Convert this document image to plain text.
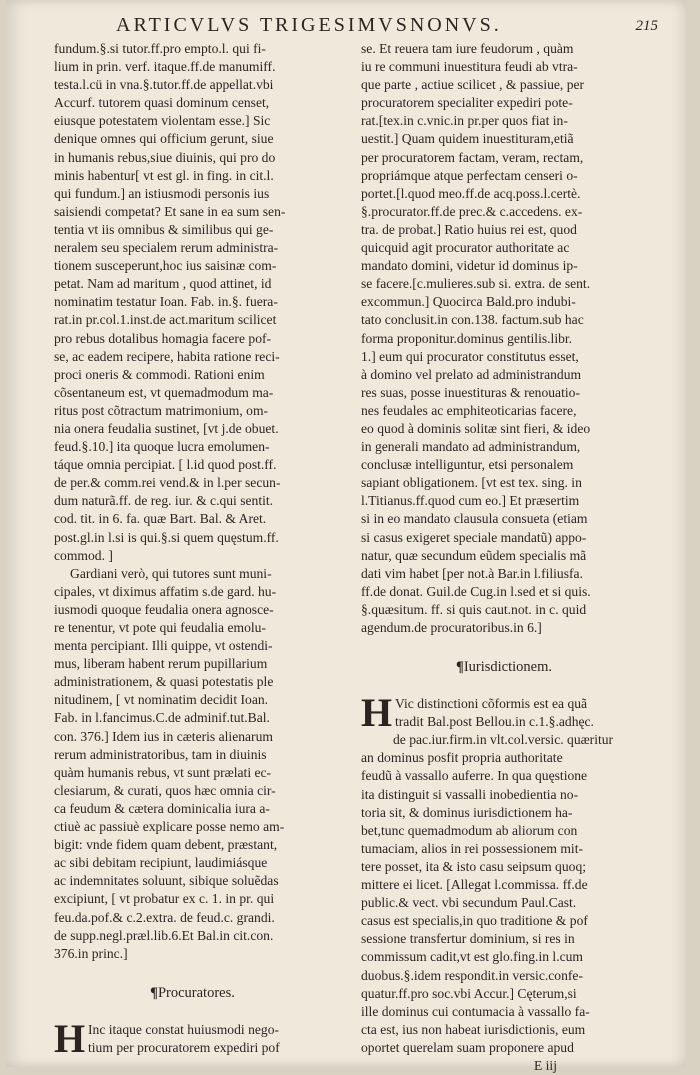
ARTICVLVS TRIGESIMVSNONVS.	215
fundum.§.si tutor.ff.pro empto.l. qui fi-
lium in prin. verf. itaque.ff.de manumiff.
testa.l.cü in vna.§.tutor.ff.de appellat.vbi
Accurf. tutorem quasi dominum censet,
eiusque potestatem violentam esse.] Sic
denique omnes qui officium gerunt, siue
in humanis rebus,siue diuinis, qui pro do
minis habentur[ vt est gl. in fing. in cit.l.
qui fundum.] an istiusmodi personis ius
saisiendi competat? Et sane in ea sum sen-
tentia vt iis omnibus & similibus qui ge-
neralem seu specialem rerum administra-
tionem susceperunt,hoc ius saisinæ com-
petat. Nam ad maritum , quod attinet, id
nominatim testatur Ioan. Fab. in.§. fuera-
rat.in pr.col.1.inst.de act.maritum scilicet
pro rebus dotalibus homagia facere pof-
se, ac eadem recipere, habita ratione reci-
proci oneris & commodi. Rationi enim
cõsentaneum est, vt quemadmodum ma-
ritus post cõtractum matrimonium, om-
nia onera feudalia sustinet, [vt j.de obuet.
feud.§.10.] ita quoque lucra emolumen-
táque omnia percipiat. [ l.id quod post.ff.
de per.& comm.rei vend.& in l.per secun-
dum naturã.ff. de reg. iur. & c.qui sentit.
cod. tit. in 6. fa. quæ Bart. Bal. & Aret.
post.gl.in l.si is qui.§.si quem quęstum.ff.
commod. ]
Gardiani verò, qui tutores sunt muni-
cipales, vt diximus affatim s.de gard. hu-
iusmodi quoque feudalia onera agnosce-
re tenentur, vt pote qui feudalia emolu-
menta percipiant. Illi quippe, vt ostendi-
mus, liberam habent rerum pupillarium
administrationem, & quasi potestatis ple
nitudinem, [ vt nominatim decidit Ioan.
Fab. in l.fancimus.C.de adminif.tut.Bal.
con. 376.] Idem ius in cæteris alienarum
rerum administratoribus, tam in diuinis
quàm humanis rebus, vt sunt prælati ec-
clesiarum, & curati, quos hæc omnia cir-
ca feudum & cætera dominicalia iura a-
ctiuè ac passiuè explicare posse nemo am-
bigit: vnde fidem quam debent, præstant,
ac sibi debitam recipiunt, laudimiásque
ac indemnitates soluunt, sibique soluẽdas
excipiunt, [ vt probatur ex c. 1. in pr. qui
feu.da.pof.& c.2.extra. de feud.c. grandi.
de supp.negl.præl.lib.6.Et Bal.in cit.con.
376.in princ.]
¶Procuratores.
H Inc itaque constat huiusmodi nego-
tium per procuratorem expediri pof
se. Et reuera tam iure feudorum , quàm
iu re communi inuestitura feudi ab vtra-
que parte , actiue scilicet , & passiue, per
procuratorem specialiter expediri pote-
rat.[tex.in c.vnic.in pr.per quos fiat in-
uestit.] Quam quidem inuestituram,etiã
per procuratorem factam, veram, rectam,
propriámque atque perfectam censeri o-
portet.[l.quod meo.ff.de acq.poss.l.certè.
§.procurator.ff.de prec.& c.accedens. ex-
tra. de probat.] Ratio huius rei est, quod
quicquid agit procurator authoritate ac
mandato domini, videtur id dominus ip-
se facere.[c.mulieres.sub si. extra. de sent.
excommun.] Quocirca Bald.pro indubi-
tato conclusit.in con.138. factum.sub hac
forma proponitur.dominus gentilis.libr.
1.] eum qui procurator constitutus esset,
à domino vel prelato ad administrandum
res suas, posse inuestituras & renouatio-
nes feudales ac emphiteoticarias facere,
eo quod à dominis solitæ sint fieri, & ideo
in generali mandato ad administrandum,
conclusæ intelliguntur, etsi personalem
sapiant obligationem. [vt est tex. sing. in
l.Titianus.ff.quod cum eo.] Et præsertim
si in eo mandato clausula consueta (etiam
si casus exigeret speciale mandatũ) appo-
natur, quæ secundum eũdem specialis mã
dati vim habet [per not.à Bar.in l.filiusfa.
ff.de donat. Guil.de Cug.in l.sed et si quis.
§.quæsitum. ff. si quis caut.not. in c. quid
agendum.de procuratoribus.in 6.]
¶Iurisdictionem.
H Vic distinctioni cõformis est ea quã
tradit Bal.post Bellou.in c.1.§.adhęc.
de pac.iur.firm.in vlt.col.versic. quæritur
an dominus posfit propria authoritate
feudũ à vassallo auferre. In qua quęstione
ita distinguit si vassalli inobedientia no-
toria sit, & dominus iurisdictionem ha-
bet,tunc quemadmodum ab aliorum con
tumaciam, alios in rei possessionem mit-
tere posset, ita & isto casu seipsum quoq;
mittere ei licet. [Allegat l.commissa. ff.de
public.& vect. vbi secundum Paul.Cast.
casus est specialis,in quo traditione & pof
sessione transfertur dominium, si res in
commissum cadit,vt est glo.fing.in l.cum
duobus.§.idem respondit.in versic.confe-
quatur.ff.pro soc.vbi Accur.] Cęterum,si
ille dominus cui contumacia à vassallo fa-
cta est, ius non habeat iurisdictionis, eum
oportet querelam suam proponere apud
E iij
